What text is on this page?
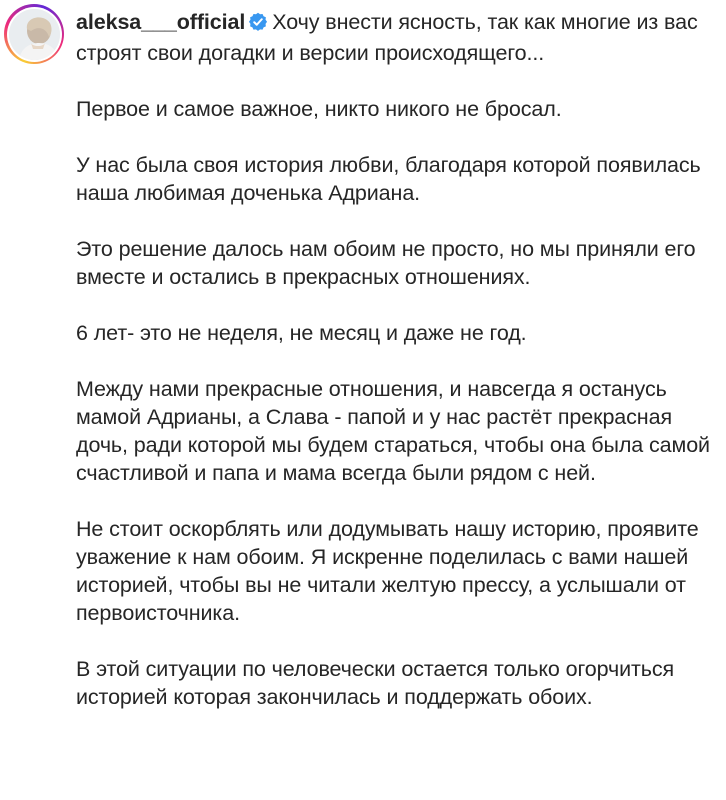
aleksa___official Хочу внести ясность, так как многие из вас строят свои догадки и версии происходящего...

Первое и самое важное, никто никого не бросал.

У нас была своя история любви, благодаря которой появилась наша любимая доченька Адриана.

Это решение далось нам обоим не просто, но мы приняли его вместе и остались в прекрасных отношениях.

6 лет- это не неделя, не месяц и даже не год.

Между нами прекрасные отношения, и навсегда я останусь мамой Адрианы, а Слава - папой и у нас растёт прекрасная дочь, ради которой мы будем стараться, чтобы она была самой счастливой и папа и мама всегда были рядом с ней.

Не стоит оскорблять или додумывать нашу историю, проявите уважение к нам обоим. Я искренне поделилась с вами нашей историей, чтобы вы не читали желтую прессу, а услышали от первоисточника.

В этой ситуации по человечески остается только огорчиться историей которая закончилась и поддержать обоих.
